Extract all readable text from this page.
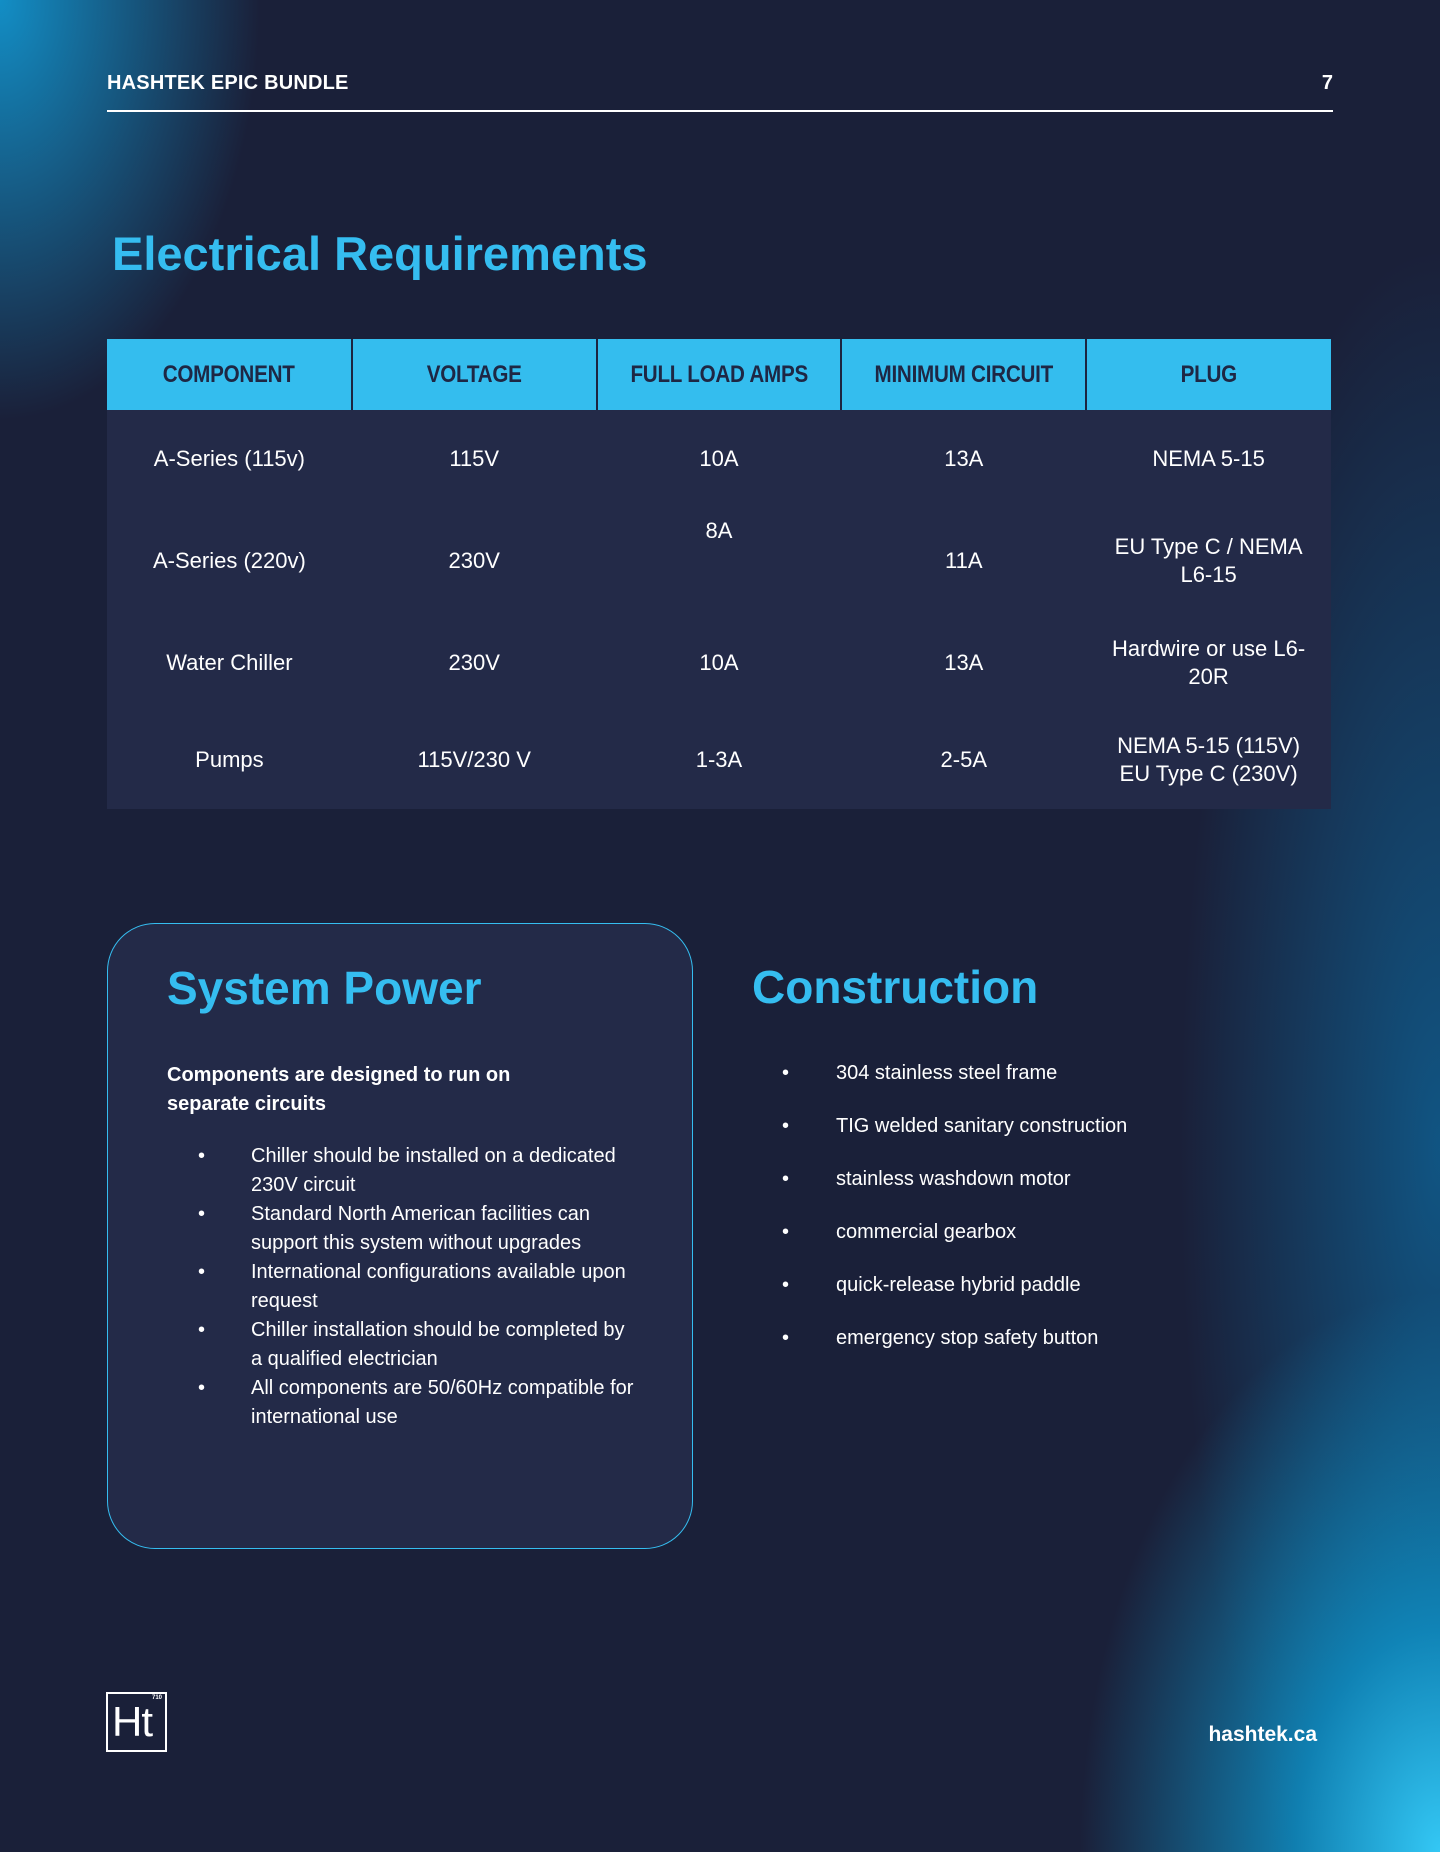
HASHTEK EPIC BUNDLE	7
Electrical Requirements
COMPONENT	VOLTAGE	FULL LOAD AMPS	MINIMUM CIRCUIT	PLUG
A-Series (115v)	115V	10A	13A	NEMA 5-15
A-Series (220v)	230V	8A	11A	EU Type C / NEMA L6-15
Water Chiller	230V	10A	13A	Hardwire or use L6-20R
Pumps	115V/230 V	1-3A	2-5A	NEMA 5-15 (115V) EU Type C (230V)
System Power
Components are designed to run on separate circuits
• Chiller should be installed on a dedicated 230V circuit
• Standard North American facilities can support this system without upgrades
• International configurations available upon request
• Chiller installation should be completed by a qualified electrician
• All components are 50/60Hz compatible for international use
Construction
• 304 stainless steel frame
• TIG welded sanitary construction
• stainless washdown motor
• commercial gearbox
• quick-release hybrid paddle
• emergency stop safety button
Ht 710
hashtek.ca
